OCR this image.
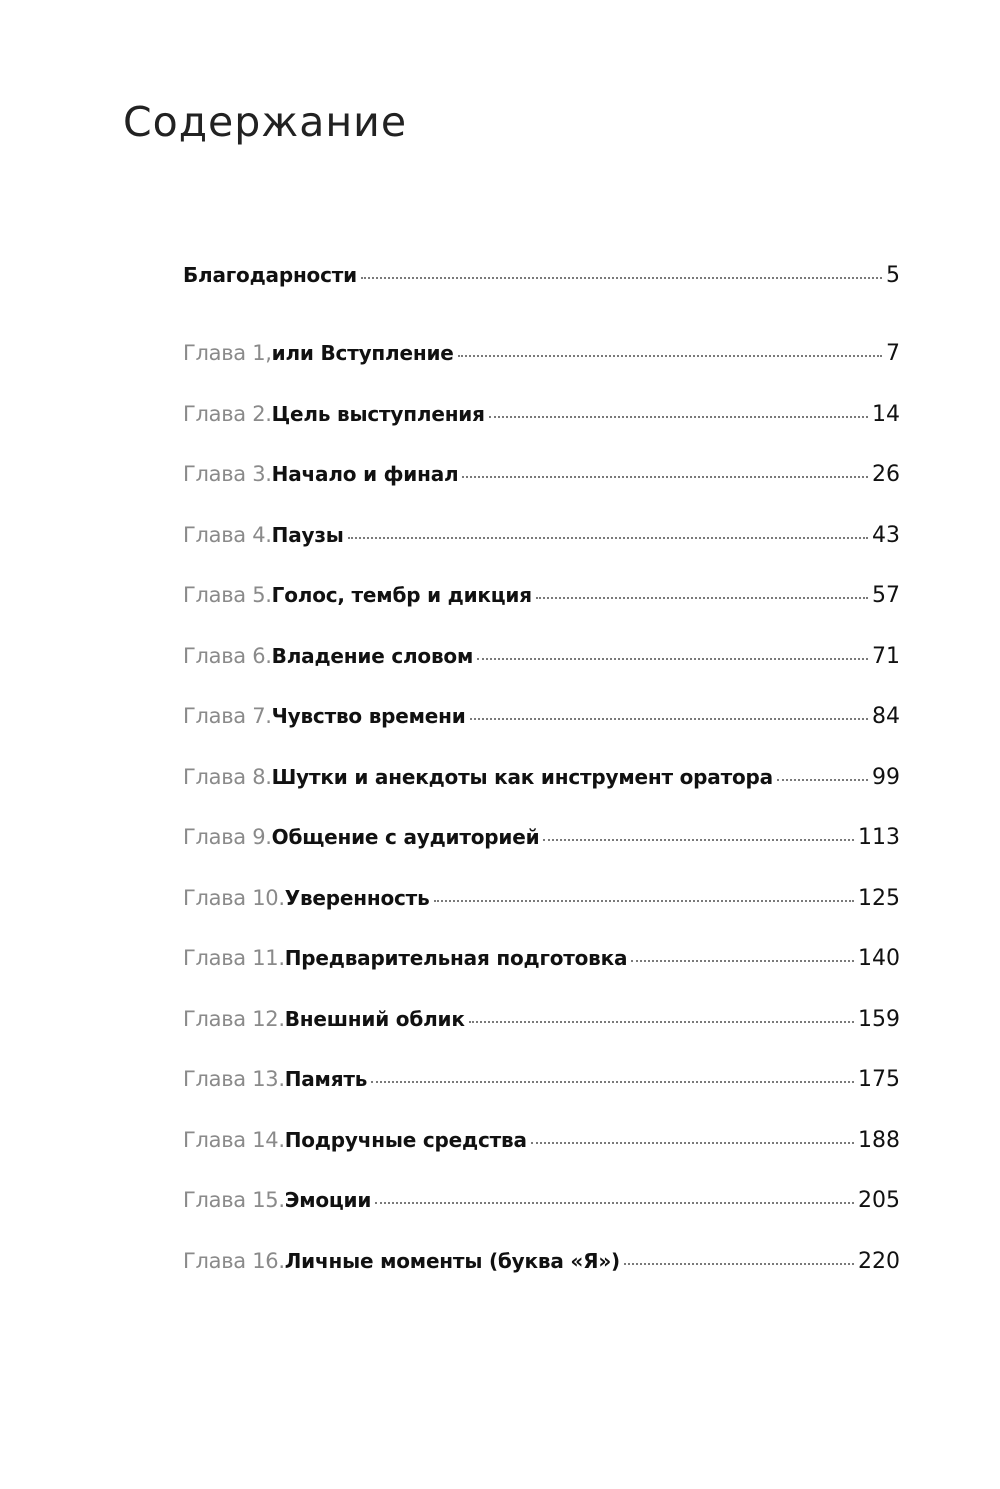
Содержание
Благодарности	5
Глава 1, или Вступление	7
Глава 2. Цель выступления	14
Глава 3. Начало и финал	26
Глава 4. Паузы	43
Глава 5. Голос, тембр и дикция	57
Глава 6. Владение словом	71
Глава 7. Чувство времени	84
Глава 8. Шутки и анекдоты как инструмент оратора	99
Глава 9. Общение с аудиторией	113
Глава 10. Уверенность	125
Глава 11. Предварительная подготовка	140
Глава 12. Внешний облик	159
Глава 13. Память	175
Глава 14. Подручные средства	188
Глава 15. Эмоции	205
Глава 16. Личные моменты (буква «Я»)	220
